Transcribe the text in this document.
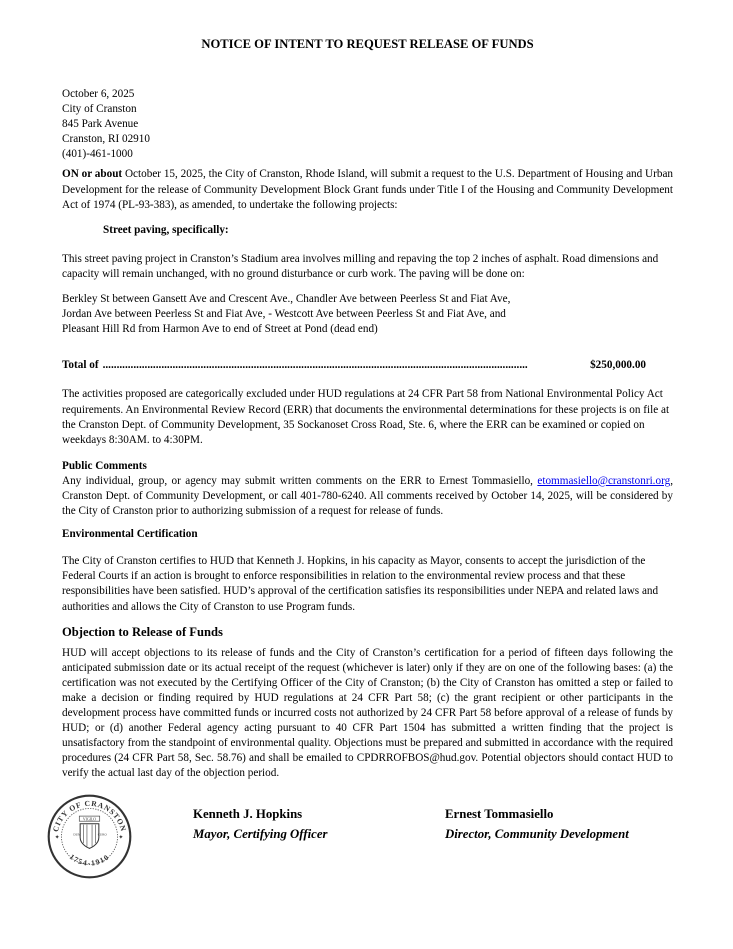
NOTICE OF INTENT TO REQUEST RELEASE OF FUNDS
October 6, 2025
City of Cranston
845 Park Avenue
Cranston, RI 02910
(401)-461-1000

ON or about October 15, 2025, the City of Cranston, Rhode Island, will submit a request to the U.S. Department of Housing and Urban Development for the release of Community Development Block Grant funds under Title I of the Housing and Community Development Act of 1974 (PL-93-383), as amended, to undertake the following projects:

Street paving, specifically:

This street paving project in Cranston’s Stadium area involves milling and repaving the top 2 inches of asphalt. Road dimensions and capacity will remain unchanged, with no ground disturbance or curb work. The paving will be done on:

Berkley St between Gansett Ave and Crescent Ave., Chandler Ave between Peerless St and Fiat Ave,
Jordan Ave between Peerless St and Fiat Ave, - Westcott Ave between Peerless St and Fiat Ave, and
Pleasant Hill Rd from Harmon Ave to end of Street at Pond (dead end)
Total of ........................................................................................................................................................	$250,000.00

The activities proposed are categorically excluded under HUD regulations at 24 CFR Part 58 from National Environmental Policy Act requirements. An Environmental Review Record (ERR) that documents the environmental determinations for these projects is on file at the Cranston Dept. of Community Development, 35 Sockanoset Cross Road, Ste. 6, where the ERR can be examined or copied on weekdays 8:30AM. to 4:30PM.

Public Comments

Any individual, group, or agency may submit written comments on the ERR to Ernest Tommasiello, etommasiello@cranstonri.org, Cranston Dept. of Community Development, or call 401-780-6240. All comments received by October 14, 2025, will be considered by the City of Cranston prior to authorizing submission of a request for release of funds.

Environmental Certification

The City of Cranston certifies to HUD that Kenneth J. Hopkins, in his capacity as Mayor, consents to accept the jurisdiction of the Federal Courts if an action is brought to enforce responsibilities in relation to the environmental review process and that these responsibilities have been satisfied. HUD’s approval of the certification satisfies its responsibilities under NEPA and related laws and authorities and allows the City of Cranston to use Program funds.

Objection to Release of Funds

HUD will accept objections to its release of funds and the City of Cranston’s certification for a period of fifteen days following the anticipated submission date or its actual receipt of the request (whichever is later) only if they are on one of the following bases: (a) the certification was not executed by the Certifying Officer of the City of Cranston; (b) the City of Cranston has omitted a step or failed to make a decision or finding required by HUD regulations at 24 CFR Part 58; (c) the grant recipient or other participants in the development process have committed funds or incurred costs not authorized by 24 CFR Part 58 before approval of a release of funds by HUD; or (d) another Federal agency acting pursuant to 40 CFR Part 1504 has submitted a written finding that the project is unsatisfactory from the standpoint of environmental quality. Objections must be prepared and submitted in accordance with the required procedures (24 CFR Part 58, Sec. 58.76) and shall be emailed to CPDRROFBOS@hud.gov. Potential objectors should contact HUD to verify the actual last day of the objection period.

CITY OF CRANSTON
1754-1910
✦	✦
VIGILO
DUM	CURO
Kenneth J. Hopkins
Mayor, Certifying Officer
Ernest Tommasiello
Director, Community Development
